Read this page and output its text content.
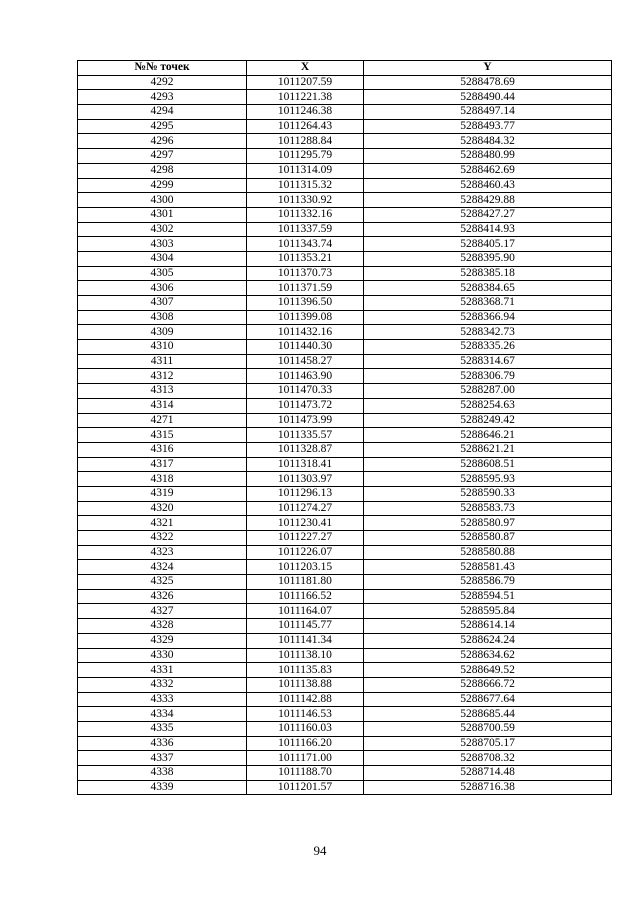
№№ точек	X	Y
4292	1011207.59	5288478.69
4293	1011221.38	5288490.44
4294	1011246.38	5288497.14
4295	1011264.43	5288493.77
4296	1011288.84	5288484.32
4297	1011295.79	5288480.99
4298	1011314.09	5288462.69
4299	1011315.32	5288460.43
4300	1011330.92	5288429.88
4301	1011332.16	5288427.27
4302	1011337.59	5288414.93
4303	1011343.74	5288405.17
4304	1011353.21	5288395.90
4305	1011370.73	5288385.18
4306	1011371.59	5288384.65
4307	1011396.50	5288368.71
4308	1011399.08	5288366.94
4309	1011432.16	5288342.73
4310	1011440.30	5288335.26
4311	1011458.27	5288314.67
4312	1011463.90	5288306.79
4313	1011470.33	5288287.00
4314	1011473.72	5288254.63
4271	1011473.99	5288249.42
4315	1011335.57	5288646.21
4316	1011328.87	5288621.21
4317	1011318.41	5288608.51
4318	1011303.97	5288595.93
4319	1011296.13	5288590.33
4320	1011274.27	5288583.73
4321	1011230.41	5288580.97
4322	1011227.27	5288580.87
4323	1011226.07	5288580.88
4324	1011203.15	5288581.43
4325	1011181.80	5288586.79
4326	1011166.52	5288594.51
4327	1011164.07	5288595.84
4328	1011145.77	5288614.14
4329	1011141.34	5288624.24
4330	1011138.10	5288634.62
4331	1011135.83	5288649.52
4332	1011138.88	5288666.72
4333	1011142.88	5288677.64
4334	1011146.53	5288685.44
4335	1011160.03	5288700.59
4336	1011166.20	5288705.17
4337	1011171.00	5288708.32
4338	1011188.70	5288714.48
4339	1011201.57	5288716.38
94
